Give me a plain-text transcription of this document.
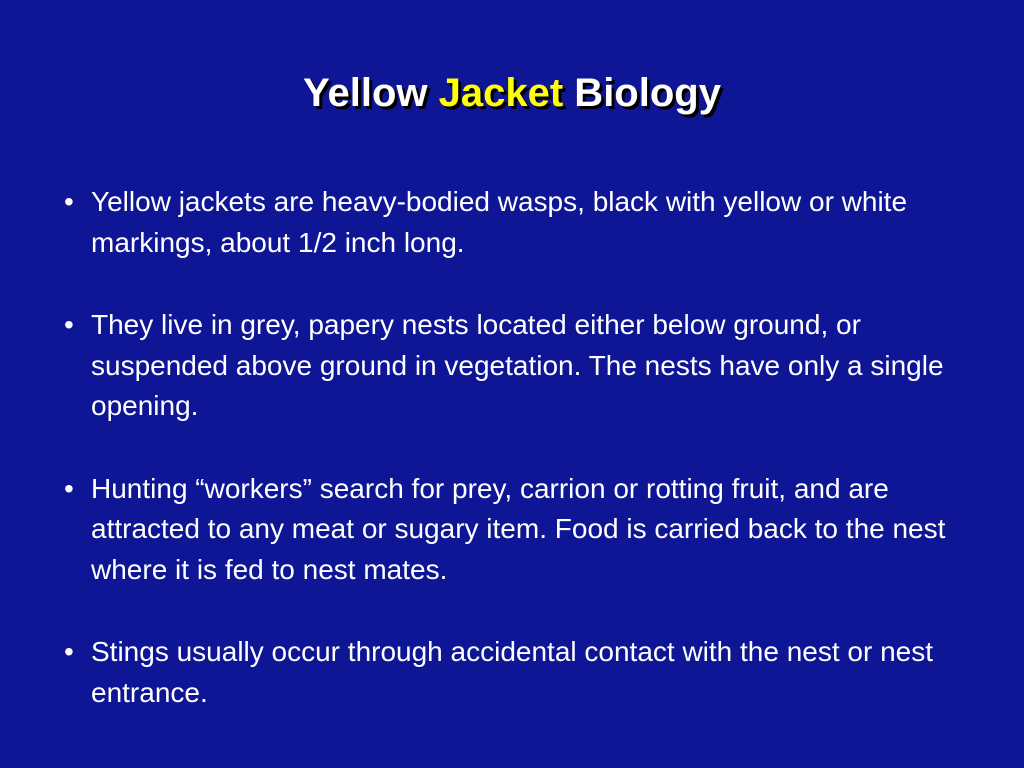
Yellow Jacket Biology
• Yellow jackets are heavy-bodied wasps, black with yellow or white markings, about 1/2 inch long.
• They live in grey, papery nests located either below ground, or suspended above ground in vegetation. The nests have only a single opening.
• Hunting “workers” search for prey, carrion or rotting fruit, and are attracted to any meat or sugary item. Food is carried back to the nest where it is fed to nest mates.
• Stings usually occur through accidental contact with the nest or nest entrance.
